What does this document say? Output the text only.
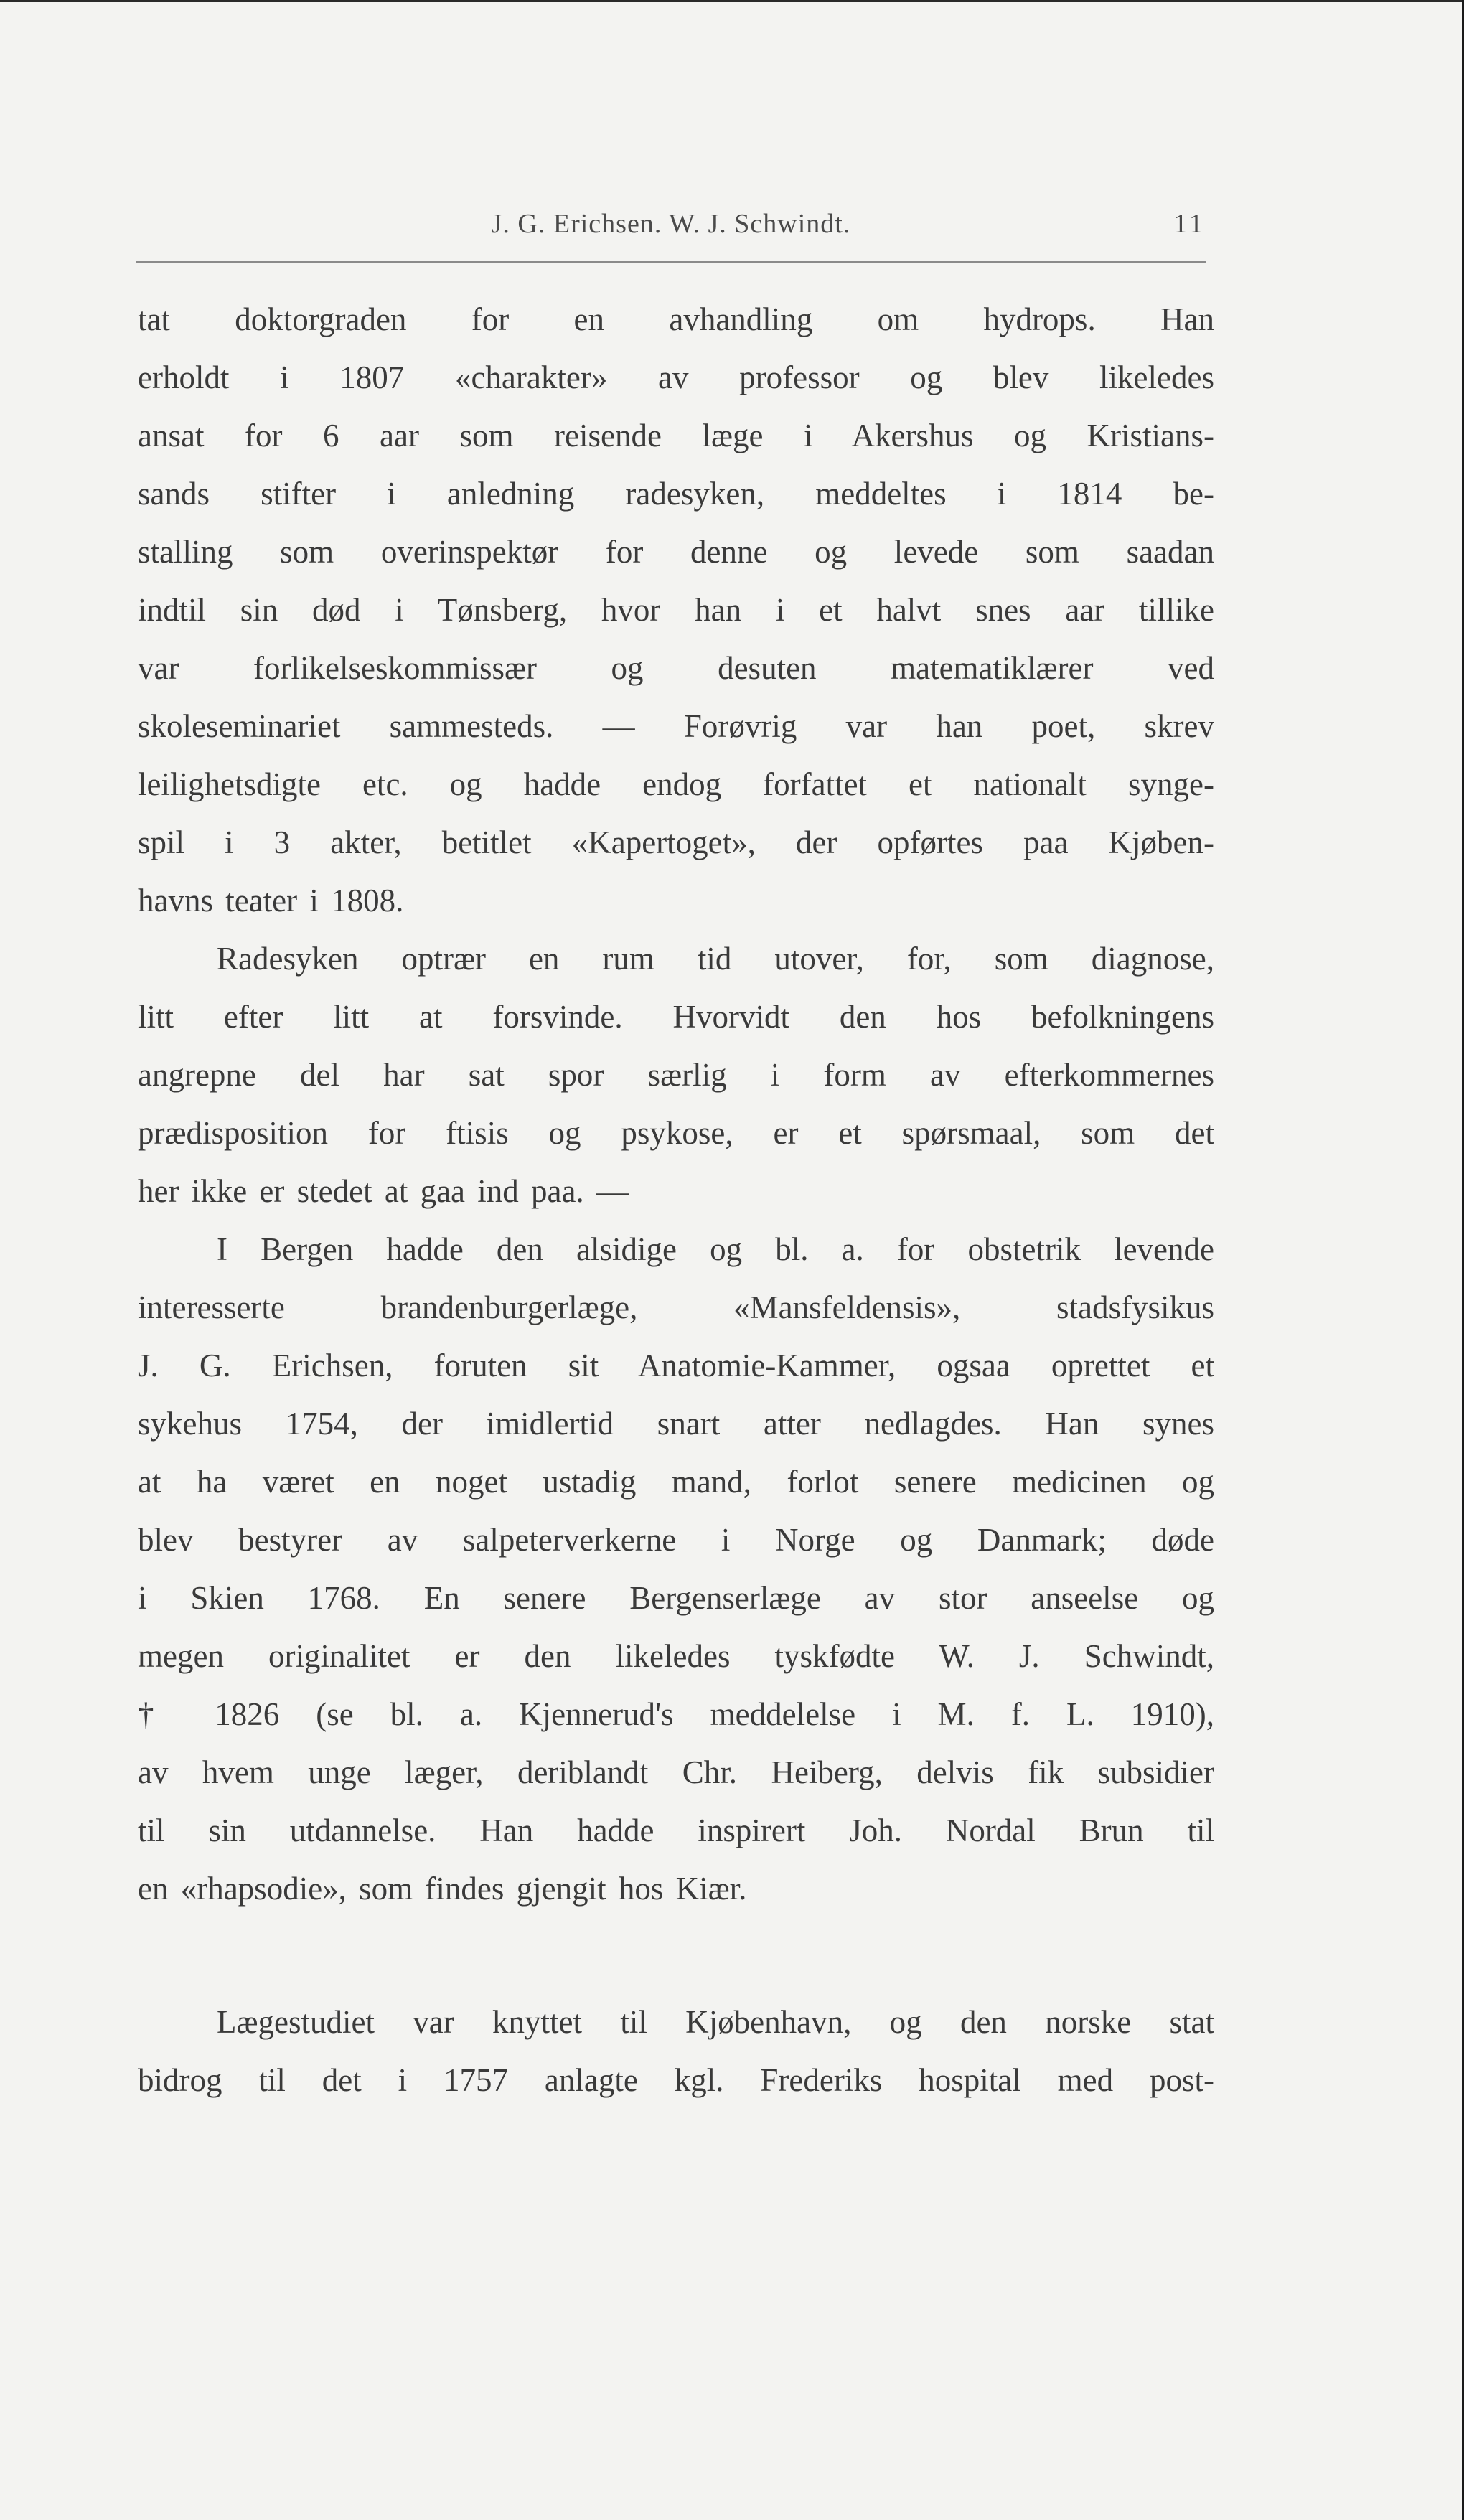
J. G. Erichsen. W. J. Schwindt.	11
tat doktorgraden for en avhandling om hydrops. Han
erholdt i 1807 «charakter» av professor og blev likeledes
ansat for 6 aar som reisende læge i Akershus og Kristians-
sands stifter i anledning radesyken, meddeltes i 1814 be-
stalling som overinspektør for denne og levede som saadan
indtil sin død i Tønsberg, hvor han i et halvt snes aar tillike
var forlikelseskommissær og desuten matematiklærer ved
skoleseminariet sammesteds. — Forøvrig var han poet, skrev
leilighetsdigte etc. og hadde endog forfattet et nationalt synge-
spil i 3 akter, betitlet «Kapertoget», der opførtes paa Kjøben-
havns teater i 1808.
Radesyken optrær en rum tid utover, for, som diagnose,
litt efter litt at forsvinde. Hvorvidt den hos befolkningens
angrepne del har sat spor særlig i form av efterkommernes
prædisposition for ftisis og psykose, er et spørsmaal, som det
her ikke er stedet at gaa ind paa. —
I Bergen hadde den alsidige og bl. a. for obstetrik levende
interesserte brandenburgerlæge, «Mansfeldensis», stadsfysikus
J. G. Erichsen, foruten sit Anatomie-Kammer, ogsaa oprettet et
sykehus 1754, der imidlertid snart atter nedlagdes. Han synes
at ha været en noget ustadig mand, forlot senere medicinen og
blev bestyrer av salpeterverkerne i Norge og Danmark; døde
i Skien 1768. En senere Bergenserlæge av stor anseelse og
megen originalitet er den likeledes tyskfødte W. J. Schwindt,
† 1826 (se bl. a. Kjennerud's meddelelse i M. f. L. 1910),
av hvem unge læger, deriblandt Chr. Heiberg, delvis fik subsidier
til sin utdannelse. Han hadde inspirert Joh. Nordal Brun til
en «rhapsodie», som findes gjengit hos Kiær.
Lægestudiet var knyttet til Kjøbenhavn, og den norske stat
bidrog til det i 1757 anlagte kgl. Frederiks hospital med post-
